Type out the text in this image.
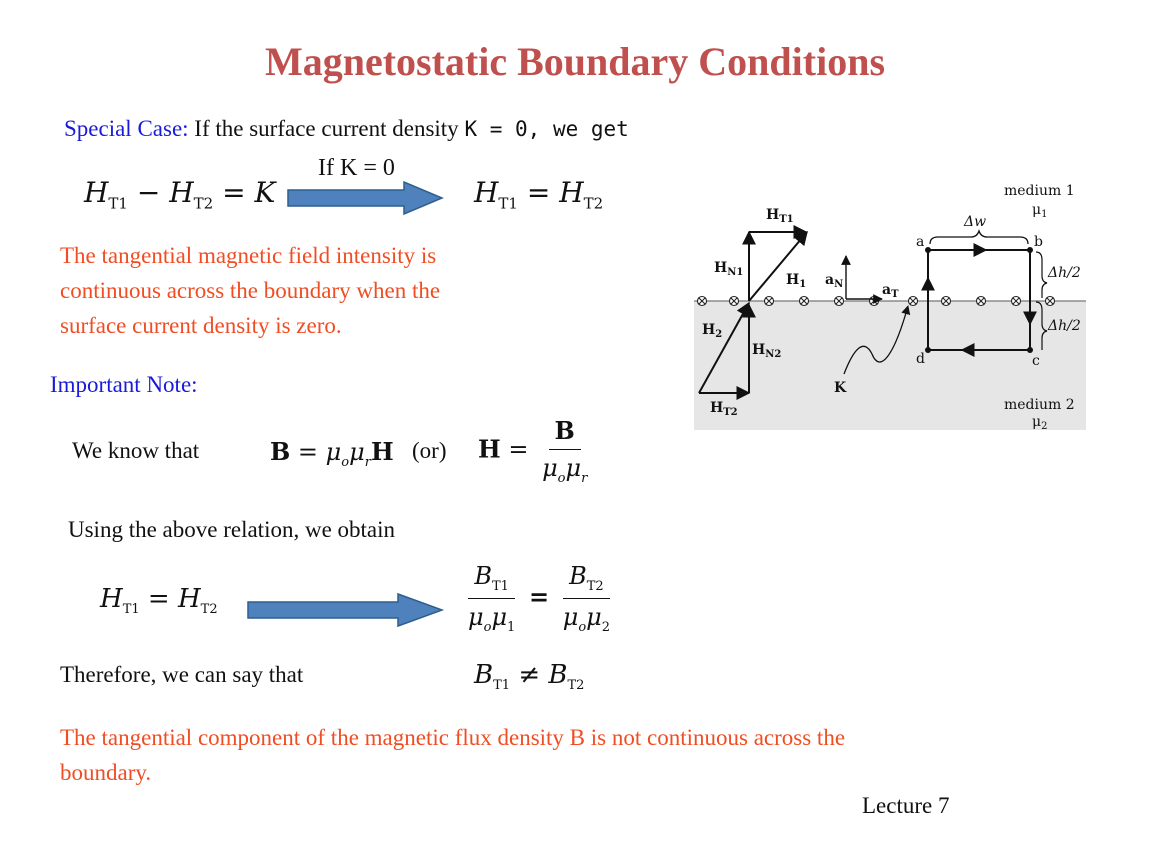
Magnetostatic Boundary Conditions
Special Case: If the surface current density K = 0, we get
If K = 0
$H_{T1} - H_{T2} = K$	$H_{T1} = H_{T2}$
The tangential magnetic field intensity is
continuous across the boundary when the
surface current density is zero.
Important Note:
We know that	$B = \mu_o\mu_rH$ (or) $H = \frac{B}{\mu_o\mu_r}$
Using the above relation, we obtain
$H_{T1} = H_{T2}$	$\frac{B_{T1}}{\mu_o\mu_1} = \frac{B_{T2}}{\mu_o\mu_2}$
Therefore, we can say that	$B_{T1} \ne B_{T2}$
The tangential component of the magnetic flux density B is not continuous across the
boundary.
Lecture 7
medium 1
$\mu_1$
medium 2
$\mu_2$
$H_{T1}$
$H_{N1}$	$H_1$
$H_2$
$H_{N2}$
$H_{T2}$
$a_N$	$a_T$
K
Δw
Δh/2
Δh/2
a	b
c
d
